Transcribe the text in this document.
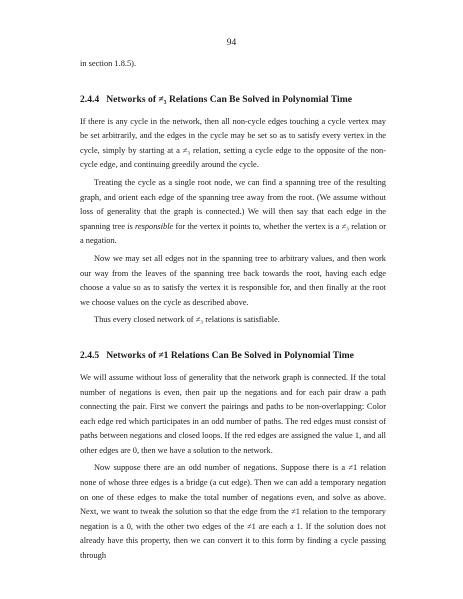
94

in section 1.8.5).

2.4.4 Networks of ≠₃ Relations Can Be Solved in Polynomial Time

If there is any cycle in the network, then all non-cycle edges touching a cycle vertex may be set arbitrarily, and the edges in the cycle may be set so as to satisfy every vertex in the cycle, simply by starting at a ≠₃ relation, setting a cycle edge to the opposite of the non-cycle edge, and continuing greedily around the cycle.

Treating the cycle as a single root node, we can find a spanning tree of the resulting graph, and orient each edge of the spanning tree away from the root. (We assume without loss of generality that the graph is connected.) We will then say that each edge in the spanning tree is responsible for the vertex it points to, whether the vertex is a ≠₃ relation or a negation.

Now we may set all edges not in the spanning tree to arbitrary values, and then work our way from the leaves of the spanning tree back towards the root, having each edge choose a value so as to satisfy the vertex it is responsible for, and then finally at the root we choose values on the cycle as described above.

Thus every closed network of ≠₃ relations is satisfiable.

2.4.5 Networks of ≠1 Relations Can Be Solved in Polynomial Time

We will assume without loss of generality that the network graph is connected. If the total number of negations is even, then pair up the negations and for each pair draw a path connecting the pair. First we convert the pairings and paths to be non-overlapping: Color each edge red which participates in an odd number of paths. The red edges must consist of paths between negations and closed loops. If the red edges are assigned the value 1, and all other edges are 0, then we have a solution to the network.

Now suppose there are an odd number of negations. Suppose there is a ≠1 relation none of whose three edges is a bridge (a cut edge). Then we can add a temporary negation on one of these edges to make the total number of negations even, and solve as above. Next, we want to tweak the solution so that the edge from the ≠1 relation to the temporary negation is a 0, with the other two edges of the ≠1 are each a 1. If the solution does not already have this property, then we can convert it to this form by finding a cycle passing through
